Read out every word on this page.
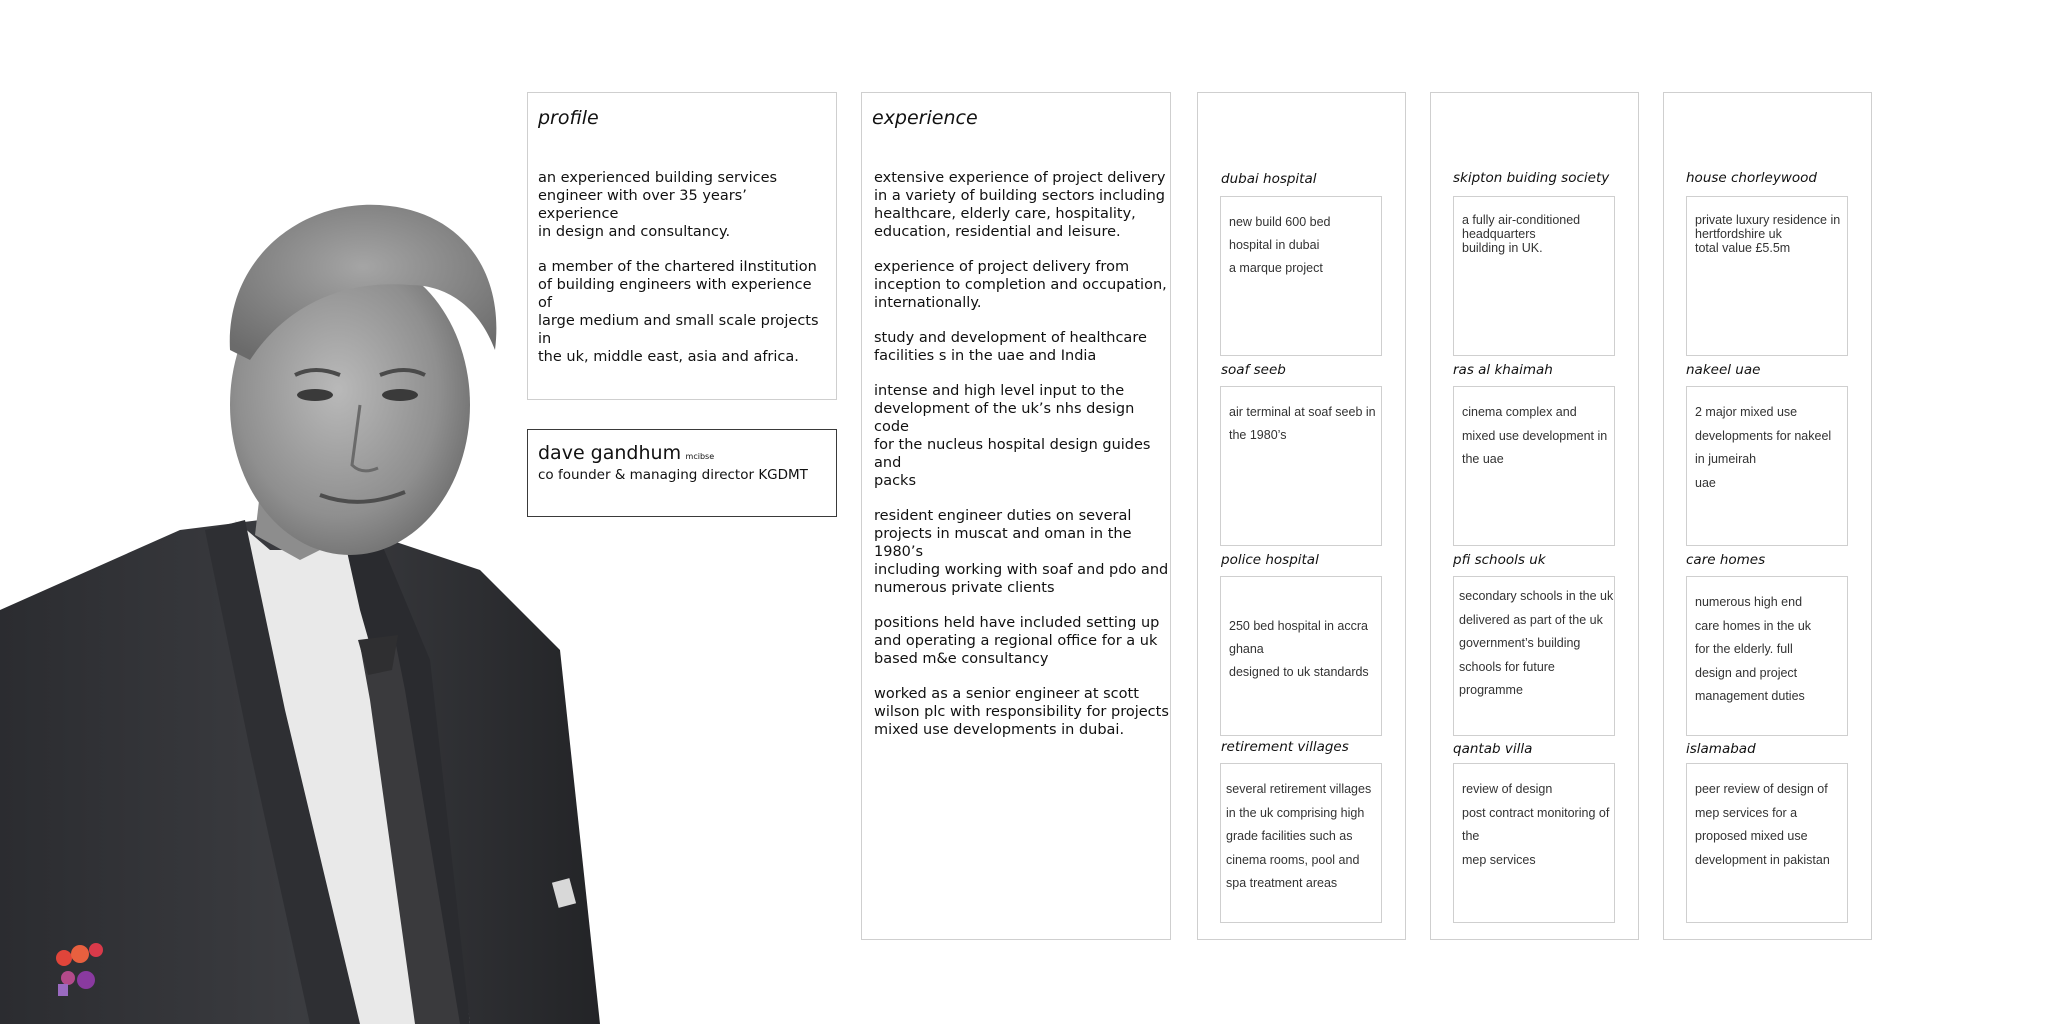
profile

an experienced building services
engineer with over 35 years’ experience
in design and consultancy.

a member of the chartered iInstitution
of building engineers with experience of
large medium and small scale projects in
the uk, middle east, asia and africa.

dave gandhum mcibse
co founder & managing director KGDMT
experience

extensive experience of project delivery
in a variety of building sectors including
healthcare, elderly care, hospitality,
education, residential and leisure.

experience of project delivery from
inception to completion and occupation,
internationally.

study and development of healthcare
facilities s in the uae and India

intense and high level input to the
development of the uk’s nhs design code
for the nucleus hospital design guides and
packs

resident engineer duties on several
projects in muscat and oman in the 1980’s
including working with soaf and pdo and
numerous private clients

positions held have included setting up
and operating a regional office for a uk
based m&e consultancy

worked as a senior engineer at scott
wilson plc with responsibility for projects
mixed use developments in dubai.

dubai hospital
new build 600 bed
hospital in dubai
a marque project
soaf seeb
air terminal at soaf seeb in
the 1980’s
police hospital
250 bed hospital in accra
ghana
designed to uk standards
retirement villages
several retirement villages
in the uk comprising high
grade facilities such as
cinema rooms, pool and
spa treatment areas
skipton buiding society
a fully air-conditioned
headquarters
building in UK.
ras al khaimah
cinema complex and
mixed use development in
the uae
pfi schools uk
secondary schools in the uk
delivered as part of the uk
government’s building
schools for future
programme
qantab villa
review of design
post contract monitoring of
the
mep services
house chorleywood
private luxury residence in
hertfordshire uk
total value £5.5m
nakeel uae
2 major mixed use
developments for nakeel
in jumeirah
uae
care homes
numerous high end
care homes in the uk
for the elderly. full
design and project
management duties
islamabad
peer review of design of
mep services for a
proposed mixed use
development in pakistan
